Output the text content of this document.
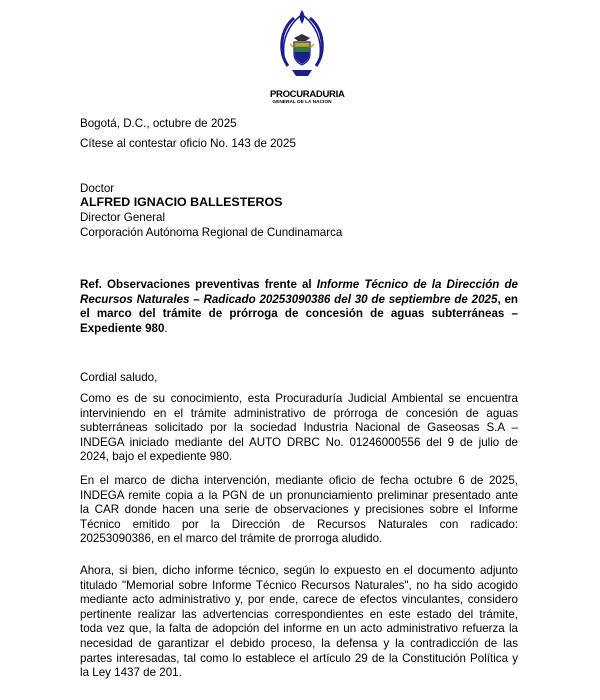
PROCURADURIA
GENERAL DE LA NACION
Bogotá, D.C., octubre de 2025
Cítese al contestar oficio No. 143 de 2025
Doctor
ALFRED IGNACIO BALLESTEROS
Director General
Corporación Autónoma Regional de Cundinamarca
Ref. Observaciones preventivas frente al Informe Técnico de la Dirección de
Recursos Naturales – Radicado 20253090386 del 30 de septiembre de 2025, en
el marco del trámite de prórroga de concesión de aguas subterráneas –
Expediente 980.
Cordial saludo,
Como es de su conocimiento, esta Procuraduría Judicial Ambiental se encuentra
interviniendo en el trámite administrativo de prórroga de concesión de aguas
subterráneas solicitado por la sociedad Industria Nacional de Gaseosas S.A –
INDEGA iniciado mediante del AUTO DRBC No. 01246000556 del 9 de julio de
2024, bajo el expediente 980.
En el marco de dicha intervención, mediante oficio de fecha octubre 6 de 2025,
INDEGA remite copia a la PGN de un pronunciamiento preliminar presentado ante
la CAR donde hacen una serie de observaciones y precisiones sobre el Informe
Técnico emitido por la Dirección de Recursos Naturales con radicado:
20253090386, en el marco del trámite de prorroga aludido.
Ahora, si bien, dicho informe técnico, según lo expuesto en el documento adjunto
titulado "Memorial sobre Informe Técnico Recursos Naturales", no ha sido acogido
mediante acto administrativo y, por ende, carece de efectos vinculantes, considero
pertinente realizar las advertencias correspondientes en este estado del trámite,
toda vez que, la falta de adopción del informe en un acto administrativo refuerza la
necesidad de garantizar el debido proceso, la defensa y la contradicción de las
partes interesadas, tal como lo establece el artículo 29 de la Constitución Política y
la Ley 1437 de 201.
